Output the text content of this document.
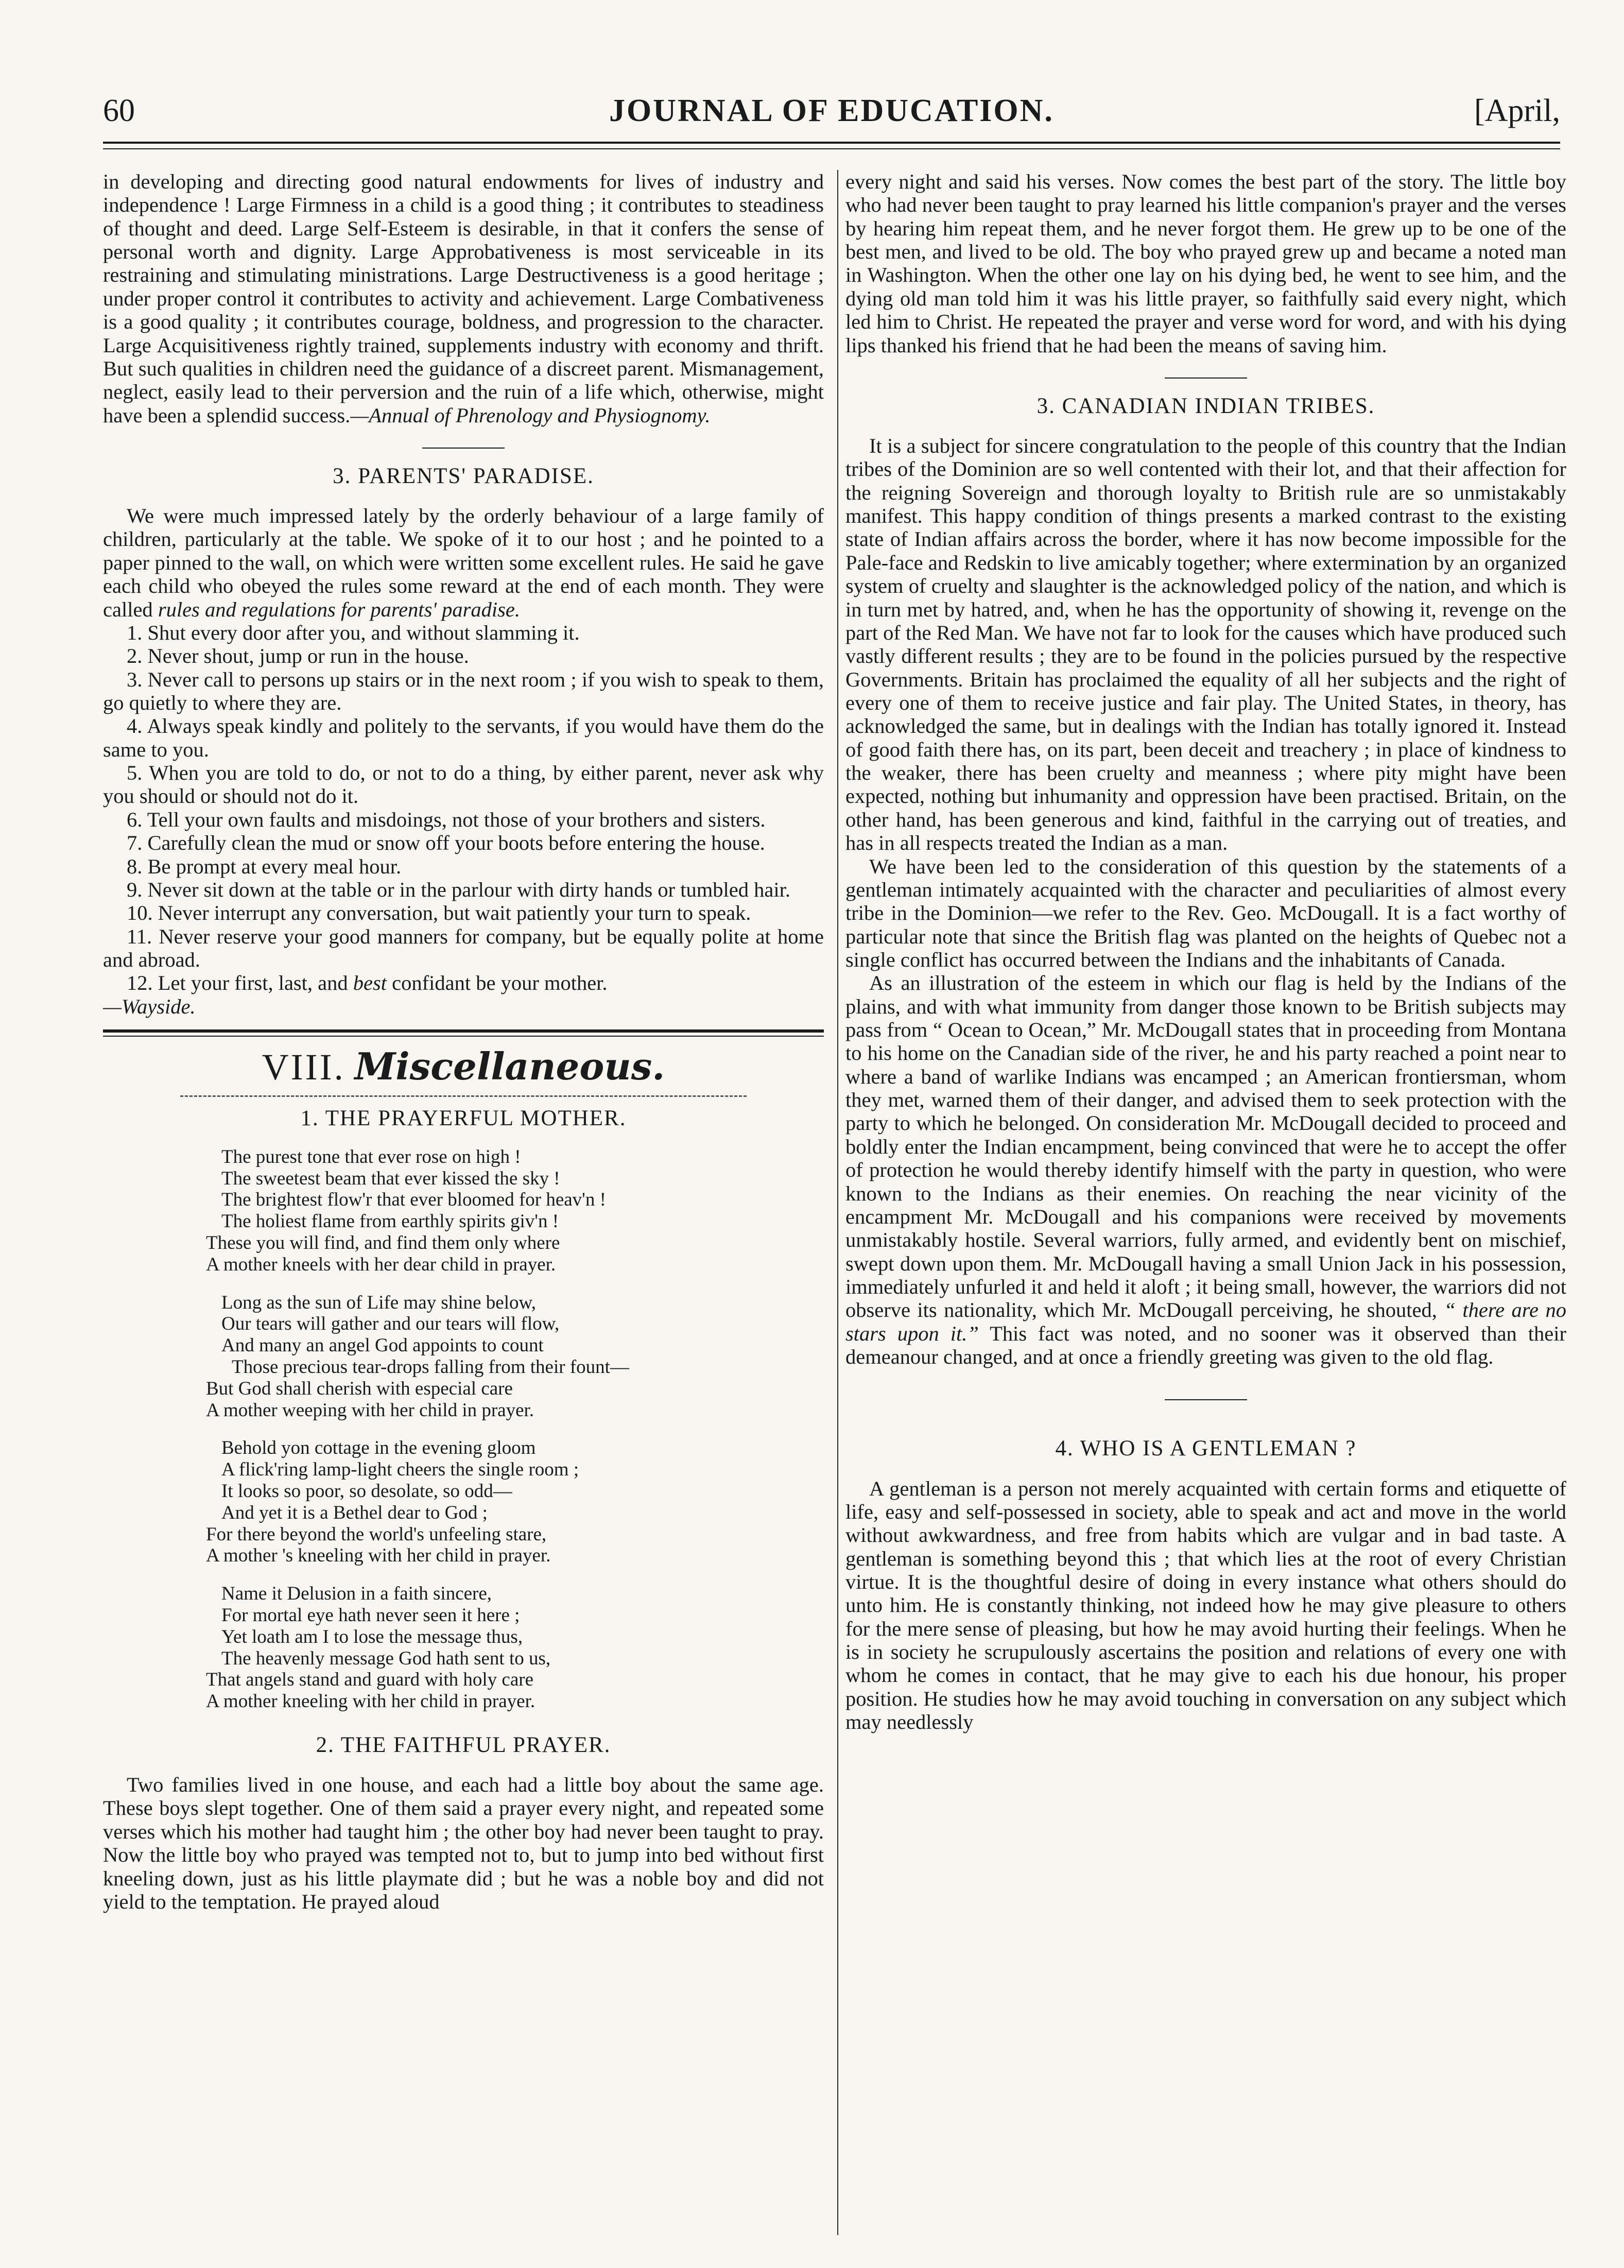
60	JOURNAL OF EDUCATION.	[April,

in developing and directing good natural endowments for lives of industry and independence ! Large Firmness in a child is a good thing ; it contributes to steadiness of thought and deed. Large Self-Esteem is desirable, in that it confers the sense of personal worth and dignity. Large Approbativeness is most serviceable in its restraining and stimulating ministrations. Large Destructiveness is a good heritage ; under proper control it contributes to activity and achievement. Large Combativeness is a good quality ; it contributes courage, boldness, and progression to the character. Large Acquisitiveness rightly trained, supplements industry with economy and thrift. But such qualities in children need the guidance of a discreet parent. Mismanagement, neglect, easily lead to their perversion and the ruin of a life which, otherwise, might have been a splendid success.—Annual of Phrenology and Physiognomy.

3. PARENTS' PARADISE.

We were much impressed lately by the orderly behaviour of a large family of children, particularly at the table. We spoke of it to our host ; and he pointed to a paper pinned to the wall, on which were written some excellent rules. He said he gave each child who obeyed the rules some reward at the end of each month. They were called rules and regulations for parents' paradise.

1. Shut every door after you, and without slamming it.
2. Never shout, jump or run in the house.
3. Never call to persons up stairs or in the next room ; if you wish to speak to them, go quietly to where they are.
4. Always speak kindly and politely to the servants, if you would have them do the same to you.
5. When you are told to do, or not to do a thing, by either parent, never ask why you should or should not do it.
6. Tell your own faults and misdoings, not those of your brothers and sisters.
7. Carefully clean the mud or snow off your boots before entering the house.
8. Be prompt at every meal hour.
9. Never sit down at the table or in the parlour with dirty hands or tumbled hair.
10. Never interrupt any conversation, but wait patiently your turn to speak.
11. Never reserve your good manners for company, but be equally polite at home and abroad.
12. Let your first, last, and best confidant be your mother.

—Wayside.

VIII. Miscellaneous.
1. THE PRAYERFUL MOTHER.

The purest tone that ever rose on high !

The sweetest beam that ever kissed the sky !

The brightest flow'r that ever bloomed for heav'n !

The holiest flame from earthly spirits giv'n !

These you will find, and find them only where

A mother kneels with her dear child in prayer.

Long as the sun of Life may shine below,

Our tears will gather and our tears will flow,

And many an angel God appoints to count

Those precious tear-drops falling from their fount—

But God shall cherish with especial care

A mother weeping with her child in prayer.

Behold yon cottage in the evening gloom

A flick'ring lamp-light cheers the single room ;

It looks so poor, so desolate, so odd—

And yet it is a Bethel dear to God ;

For there beyond the world's unfeeling stare,

A mother 's kneeling with her child in prayer.

Name it Delusion in a faith sincere,

For mortal eye hath never seen it here ;

Yet loath am I to lose the message thus,

The heavenly message God hath sent to us,

That angels stand and guard with holy care

A mother kneeling with her child in prayer.

2. THE FAITHFUL PRAYER.

Two families lived in one house, and each had a little boy about the same age. These boys slept together. One of them said a prayer every night, and repeated some verses which his mother had taught him ; the other boy had never been taught to pray. Now the little boy who prayed was tempted not to, but to jump into bed without first kneeling down, just as his little playmate did ; but he was a noble boy and did not yield to the temptation. He prayed aloud

every night and said his verses. Now comes the best part of the story. The little boy who had never been taught to pray learned his little companion's prayer and the verses by hearing him repeat them, and he never forgot them. He grew up to be one of the best men, and lived to be old. The boy who prayed grew up and became a noted man in Washington. When the other one lay on his dying bed, he went to see him, and the dying old man told him it was his little prayer, so faithfully said every night, which led him to Christ. He repeated the prayer and verse word for word, and with his dying lips thanked his friend that he had been the means of saving him.

3. CANADIAN INDIAN TRIBES.

It is a subject for sincere congratulation to the people of this country that the Indian tribes of the Dominion are so well contented with their lot, and that their affection for the reigning Sovereign and thorough loyalty to British rule are so unmistakably manifest. This happy condition of things presents a marked contrast to the existing state of Indian affairs across the border, where it has now become impossible for the Pale-face and Redskin to live amicably together; where extermination by an organized system of cruelty and slaughter is the acknowledged policy of the nation, and which is in turn met by hatred, and, when he has the opportunity of showing it, revenge on the part of the Red Man. We have not far to look for the causes which have produced such vastly different results ; they are to be found in the policies pursued by the respective Governments. Britain has proclaimed the equality of all her subjects and the right of every one of them to receive justice and fair play. The United States, in theory, has acknowledged the same, but in dealings with the Indian has totally ignored it. Instead of good faith there has, on its part, been deceit and treachery ; in place of kindness to the weaker, there has been cruelty and meanness ; where pity might have been expected, nothing but inhumanity and oppression have been practised. Britain, on the other hand, has been generous and kind, faithful in the carrying out of treaties, and has in all respects treated the Indian as a man.

We have been led to the consideration of this question by the statements of a gentleman intimately acquainted with the character and peculiarities of almost every tribe in the Dominion—we refer to the Rev. Geo. McDougall. It is a fact worthy of particular note that since the British flag was planted on the heights of Quebec not a single conflict has occurred between the Indians and the inhabitants of Canada.

As an illustration of the esteem in which our flag is held by the Indians of the plains, and with what immunity from danger those known to be British subjects may pass from “ Ocean to Ocean,” Mr. McDougall states that in proceeding from Montana to his home on the Canadian side of the river, he and his party reached a point near to where a band of warlike Indians was encamped ; an American frontiersman, whom they met, warned them of their danger, and advised them to seek protection with the party to which he belonged. On consideration Mr. McDougall decided to proceed and boldly enter the Indian encampment, being convinced that were he to accept the offer of protection he would thereby identify himself with the party in question, who were known to the Indians as their enemies. On reaching the near vicinity of the encampment Mr. McDougall and his companions were received by movements unmistakably hostile. Several warriors, fully armed, and evidently bent on mischief, swept down upon them. Mr. McDougall having a small Union Jack in his possession, immediately unfurled it and held it aloft ; it being small, however, the warriors did not observe its nationality, which Mr. McDougall perceiving, he shouted, “ there are no stars upon it.” This fact was noted, and no sooner was it observed than their demeanour changed, and at once a friendly greeting was given to the old flag.

4. WHO IS A GENTLEMAN ?

A gentleman is a person not merely acquainted with certain forms and etiquette of life, easy and self-possessed in society, able to speak and act and move in the world without awkwardness, and free from habits which are vulgar and in bad taste. A gentleman is something beyond this ; that which lies at the root of every Christian virtue. It is the thoughtful desire of doing in every instance what others should do unto him. He is constantly thinking, not indeed how he may give pleasure to others for the mere sense of pleasing, but how he may avoid hurting their feelings. When he is in society he scrupulously ascertains the position and relations of every one with whom he comes in contact, that he may give to each his due honour, his proper position. He studies how he may avoid touching in conversation on any subject which may needlessly
